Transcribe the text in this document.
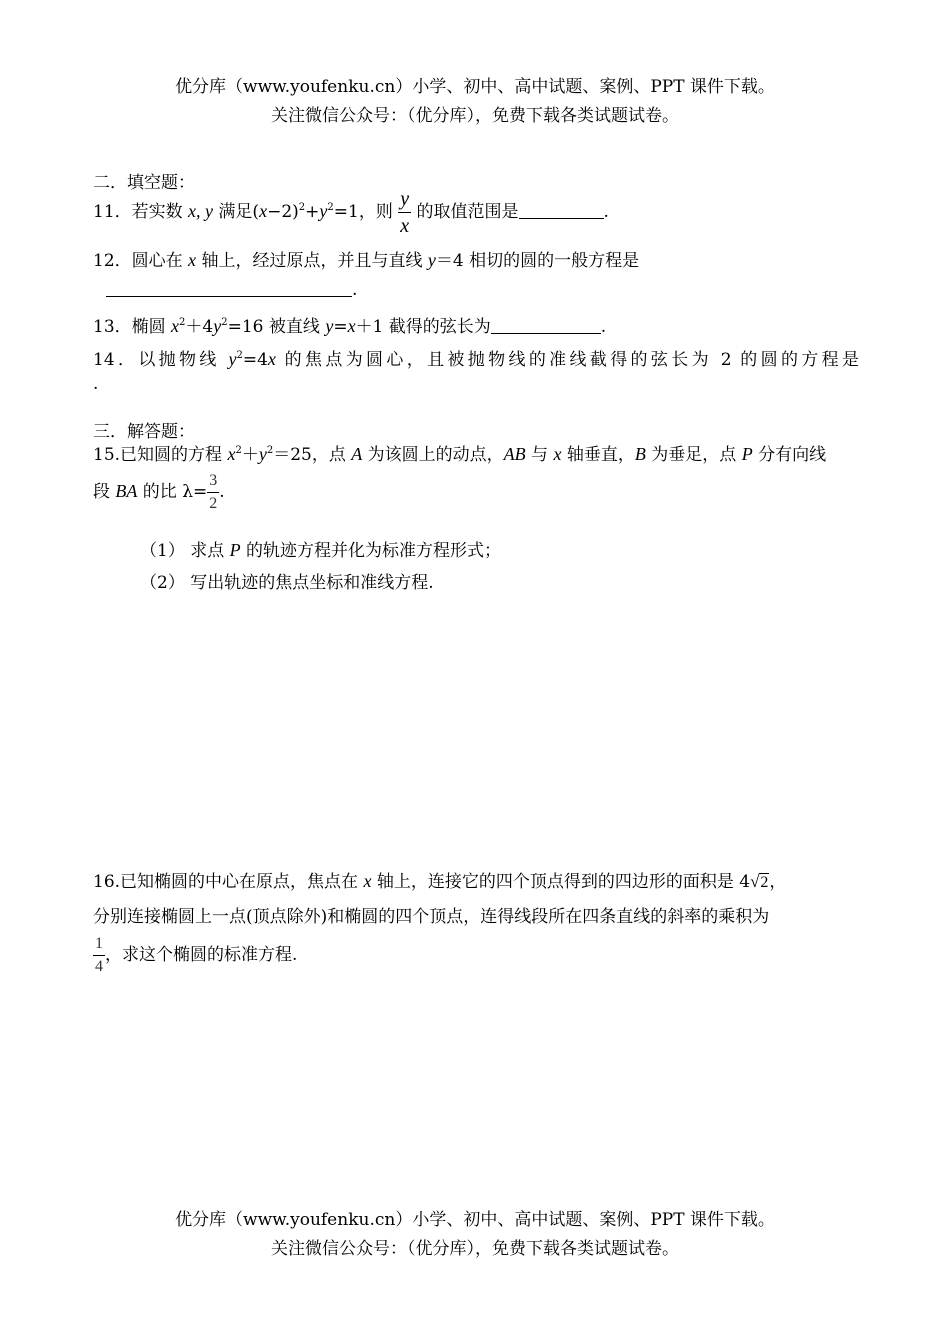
优分库（www.youfenku.cn）小学、初中、高中试题、案例、PPT 课件下载。
关注微信公众号：（优分库），免费下载各类试题试卷。
二．填空题：
11．若实数 x, y 满足$(x-2)^2+y^2=1$，则 $\frac{y}{x}$ 的取值范围是	.
12．圆心在 x 轴上，经过原点，并且与直线 y＝4 相切的圆的一般方程是
.
13．椭圆 $x^2+4y^2=16$ 被直线 y=x＋1 截得的弦长为	.
14．以抛物线 $y^2=4x$ 的焦点为圆心，且被抛物线的准线截得的弦长为 2 的圆的方程是
.
三．解答题：
15.已知圆的方程 $x^2+y^2=25$，点 A 为该圆上的动点，AB 与 x 轴垂直，B 为垂足，点 P 分有向线
段 BA 的比 $\lambda= \frac{3}{2}$ .
（1） 求点 P 的轨迹方程并化为标准方程形式；
（2） 写出轨迹的焦点坐标和准线方程.
16.已知椭圆的中心在原点，焦点在 x 轴上，连接它的四个顶点得到的四边形的面积是 4√2，
分别连接椭圆上一点(顶点除外)和椭圆的四个顶点，连得线段所在四条直线的斜率的乘积为
$\frac{1}{4}$ ，求这个椭圆的标准方程.
优分库（www.youfenku.cn）小学、初中、高中试题、案例、PPT 课件下载。
关注微信公众号：（优分库），免费下载各类试题试卷。
